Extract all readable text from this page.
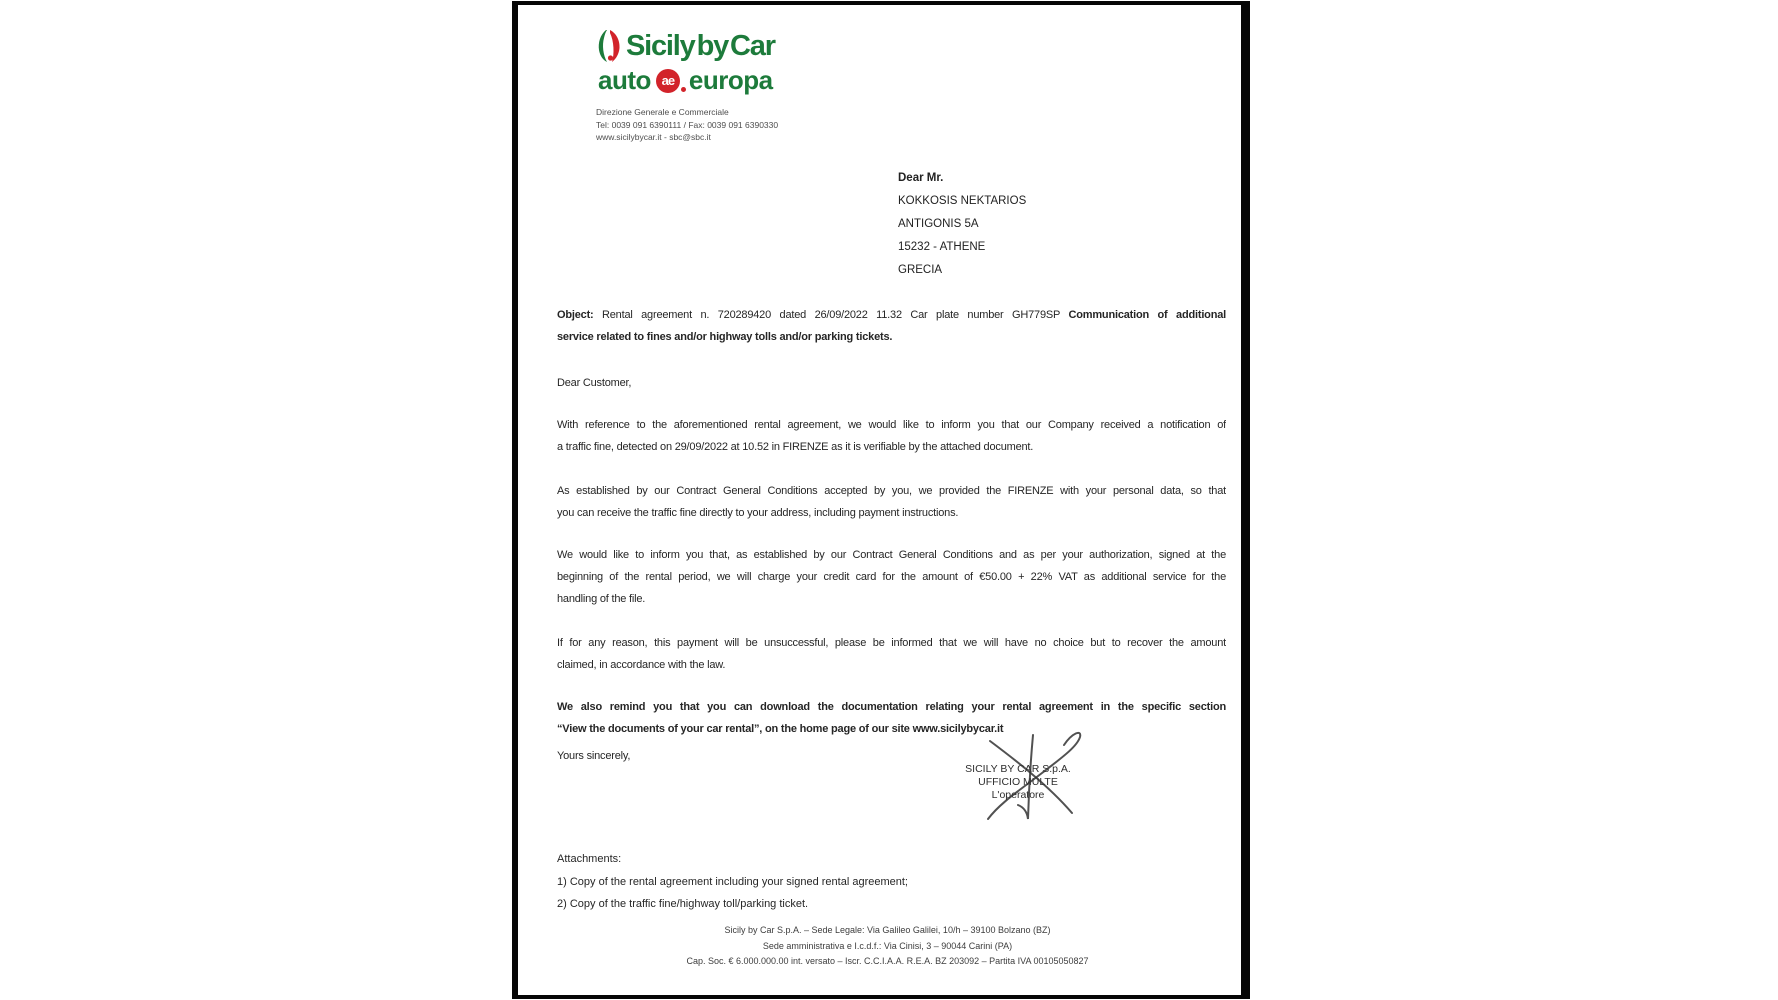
SicilybyCar
auto ae europa
Direzione Generale e Commerciale
Tel: 0039 091 6390111 / Fax: 0039 091 6390330
www.sicilybycar.it - sbc@sbc.it
Dear Mr.
KOKKOSIS NEKTARIOS
ANTIGONIS 5A
15232 - ATHENE
GRECIA
Object: Rental agreement n. 720289420 dated 26/09/2022 11.32 Car plate number GH779SP Communication of additional
service related to fines and/or highway tolls and/or parking tickets.
Dear Customer,
With reference to the aforementioned rental agreement, we would like to inform you that our Company received a notification of
a traffic fine, detected on 29/09/2022 at 10.52 in FIRENZE as it is verifiable by the attached document.
As established by our Contract General Conditions accepted by you, we provided the FIRENZE with your personal data, so that
you can receive the traffic fine directly to your address, including payment instructions.
We would like to inform you that, as established by our Contract General Conditions and as per your authorization, signed at the
beginning of the rental period, we will charge your credit card for the amount of €50.00 + 22% VAT as additional service for the
handling of the file.
If for any reason, this payment will be unsuccessful, please be informed that we will have no choice but to recover the amount
claimed, in accordance with the law.
We also remind you that you can download the documentation relating your rental agreement in the specific section
“View the documents of your car rental”, on the home page of our site www.sicilybycar.it
Yours sincerely,
SICILY BY CAR S.p.A.
UFFICIO MULTE
L'operatore
Attachments:
1) Copy of the rental agreement including your signed rental agreement;
2) Copy of the traffic fine/highway toll/parking ticket.
Sicily by Car S.p.A. – Sede Legale: Via Galileo Galilei, 10/h – 39100 Bolzano (BZ)
Sede amministrativa e I.c.d.f.: Via Cinisi, 3 – 90044 Carini (PA)
Cap. Soc. € 6.000.000.00 int. versato – Iscr. C.C.I.A.A. R.E.A. BZ 203092 – Partita IVA 00105050827
